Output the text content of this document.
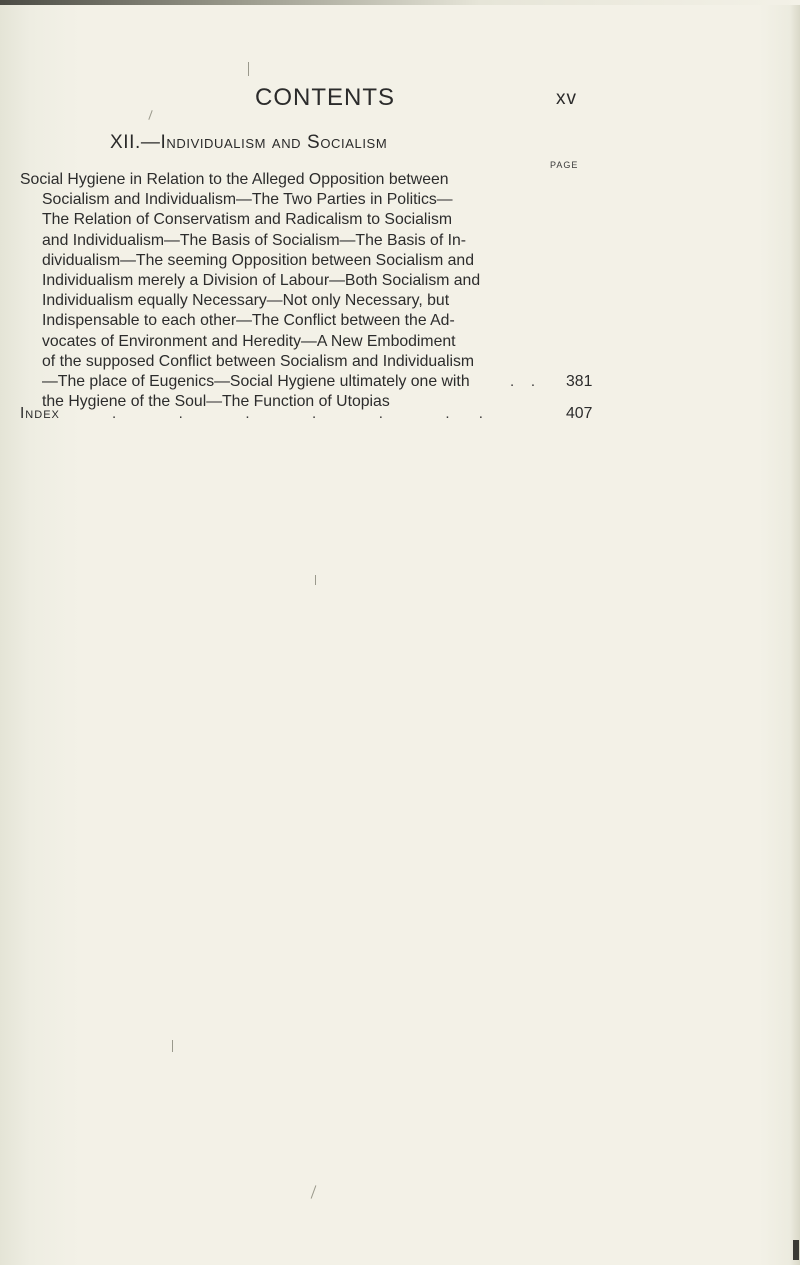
CONTENTS	xv
XII.—Individualism and Socialism
PAGE
Social Hygiene in Relation to the Alleged Opposition between
Socialism and Individualism—The Two Parties in Politics—
The Relation of Conservatism and Radicalism to Socialism
and Individualism—The Basis of Socialism—The Basis of In-
dividualism—The seeming Opposition between Socialism and
Individualism merely a Division of Labour—Both Socialism and
Individualism equally Necessary—Not only Necessary, but
Indispensable to each other—The Conflict between the Ad-
vocates of Environment and Heredity—A New Embodiment
of the supposed Conflict between Socialism and Individualism
—The place of Eugenics—Social Hygiene ultimately one with
the Hygiene of the Soul—The Function of Utopias
.    . 381
Index	.               .               .               .               .               .       .	407
